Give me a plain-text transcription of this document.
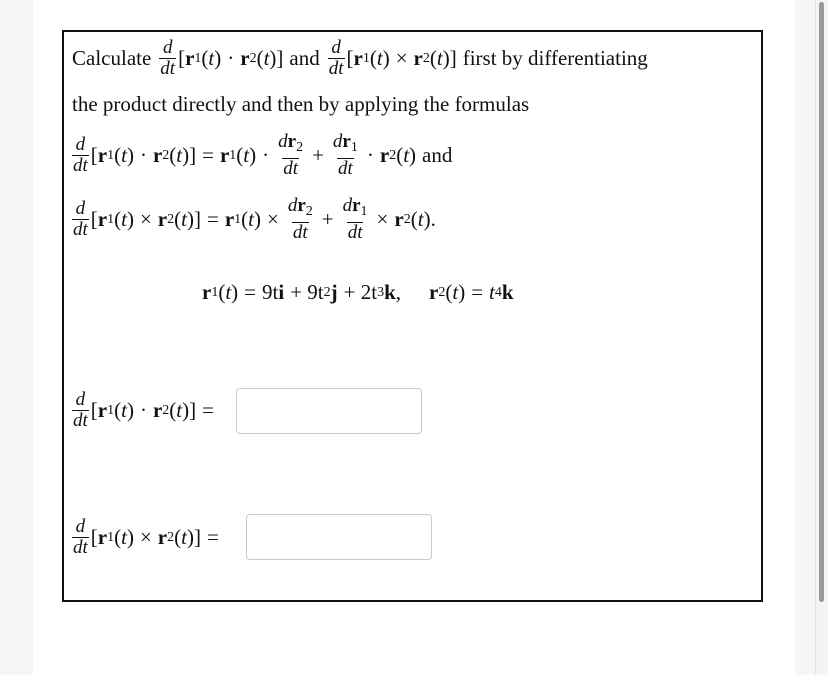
Calculate $\frac{d}{dt}$ [ r 1 ( t ) · r 2 ( t ) ] and $\frac{d}{dt}$ [ r 1 ( t ) × r 2 ( t ) ] first by differentiating
the product directly and then by applying the formulas
$\frac{d}{dt}$ [ r 1 ( t ) · r 2 ( t ) ] = r 1 ( t ) · $\frac{dr_2}{dt} + \frac{dr_1}{dt} \cdot r$ 2 ( t ) and
$\frac{d}{dt}$ [ r 1 ( t ) × r 2 ( t ) ] = r 1 ( t ) × $\frac{dr_2}{dt} + \frac{dr_1}{dt} \times r$ 2 ( t ) .
r 1 ( t ) = 9t i + 9t 2 j + 2t 3 k , r 2 ( t ) = t 4 k
$\frac{d}{dt}$ [ r 1 ( t ) · r 2 ( t ) ] =
$\frac{d}{dt}$ [ r 1 ( t ) × r 2 ( t ) ] =
